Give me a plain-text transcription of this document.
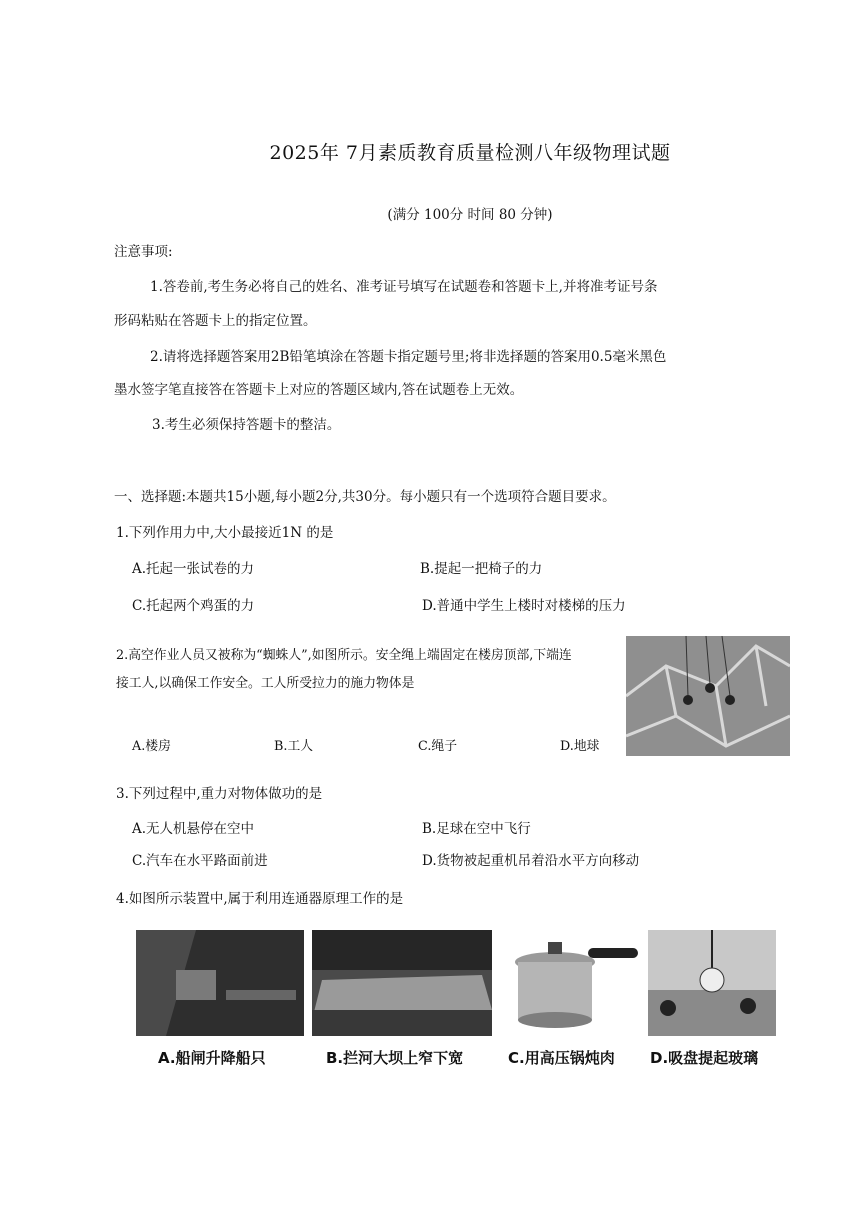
2025年 7月素质教育质量检测八年级物理试题
(满分 100分 时间 80 分钟)
注意事项:
1.答卷前,考生务必将自己的姓名、准考证号填写在试题卷和答题卡上,并将准考证号条
形码粘贴在答题卡上的指定位置。
2.请将选择题答案用2B铅笔填涂在答题卡指定题号里;将非选择题的答案用0.5毫米黑色
墨水签字笔直接答在答题卡上对应的答题区域内,答在试题卷上无效。
3.考生必须保持答题卡的整洁。
一、选择题:本题共15小题,每小题2分,共30分。每小题只有一个选项符合题目要求。
1.下列作用力中,大小最接近1N 的是
A.托起一张试卷的力	B.提起一把椅子的力
C.托起两个鸡蛋的力	D.普通中学生上楼时对楼梯的压力
2.高空作业人员又被称为“蜘蛛人”,如图所示。安全绳上端固定在楼房顶部,下端连
接工人,以确保工作安全。工人所受拉力的施力物体是
A.楼房	B.工人	C.绳子	D.地球
3.下列过程中,重力对物体做功的是
A.无人机悬停在空中	B.足球在空中飞行
C.汽车在水平路面前进	D.货物被起重机吊着沿水平方向移动
4.如图所示装置中,属于利用连通器原理工作的是
A.船闸升降船只	B.拦河大坝上窄下宽	C.用高压锅炖肉 D.吸盘提起玻璃
